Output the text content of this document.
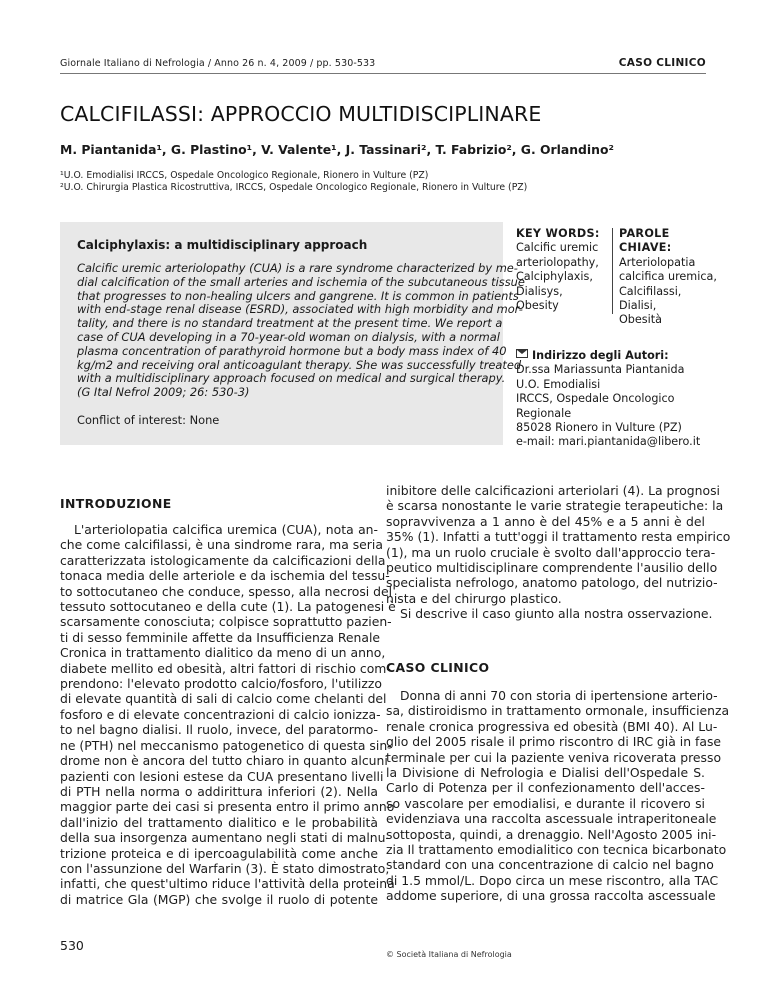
Giornale Italiano di Nefrologia / Anno 26 n. 4, 2009 / pp. 530-533	CASO CLINICO
CALCIFILASSI: APPROCCIO MULTIDISCIPLINARE
M. Piantanida¹, G. Plastino¹, V. Valente¹, J. Tassinari², T. Fabrizio², G. Orlandino²
¹U.O. Emodialisi IRCCS, Ospedale Oncologico Regionale, Rionero in Vulture (PZ)
²U.O. Chirurgia Plastica Ricostruttiva, IRCCS, Ospedale Oncologico Regionale, Rionero in Vulture (PZ)
Calciphylaxis: a multidisciplinary approach
Calcific uremic arteriolopathy (CUA) is a rare syndrome characterized by me-
dial calcification of the small arteries and ischemia of the subcutaneous tissue
that progresses to non-healing ulcers and gangrene. It is common in patients
with end-stage renal disease (ESRD), associated with high morbidity and mor-
tality, and there is no standard treatment at the present time. We report a
case of CUA developing in a 70-year-old woman on dialysis, with a normal
plasma concentration of parathyroid hormone but a body mass index of 40
kg/m2 and receiving oral anticoagulant therapy. She was successfully treated
with a multidisciplinary approach focused on medical and surgical therapy.
(G Ital Nefrol 2009; 26: 530-3)
Conflict of interest: None
KEY WORDS:
Calcific uremic
arteriolopathy,
Calciphylaxis,
Dialisys,
Obesity
PAROLE CHIAVE:
Arteriolopatia
calcifica uremica,
Calcifilassi,
Dialisi,
Obesità
Indirizzo degli Autori:
Dr.ssa Mariassunta Piantanida
U.O. Emodialisi
IRCCS, Ospedale Oncologico
Regionale
85028 Rionero in Vulture (PZ)
e-mail: mari.piantanida@libero.it
INTRODUZIONE
L'arteriolopatia calcifica uremica (CUA), nota an-
che come calcifilassi, è una sindrome rara, ma seria
caratterizzata istologicamente da calcificazioni della
tonaca media delle arteriole e da ischemia del tessu-
to sottocutaneo che conduce, spesso, alla necrosi del
tessuto sottocutaneo e della cute (1). La patogenesi è
scarsamente conosciuta; colpisce soprattutto pazien-
ti di sesso femminile affette da Insufficienza Renale
Cronica in trattamento dialitico da meno di un anno,
diabete mellito ed obesità, altri fattori di rischio com-
prendono: l'elevato prodotto calcio/fosforo, l'utilizzo
di elevate quantità di sali di calcio come chelanti del
fosforo e di elevate concentrazioni di calcio ionizza-
to nel bagno dialisi. Il ruolo, invece, del paratormo-
ne (PTH) nel meccanismo patogenetico di questa sin-
drome non è ancora del tutto chiaro in quanto alcuni
pazienti con lesioni estese da CUA presentano livelli
di PTH nella norma o addirittura inferiori (2). Nella
maggior parte dei casi si presenta entro il primo anno
dall'inizio del trattamento dialitico e le probabilità
della sua insorgenza aumentano negli stati di malnu-
trizione proteica e di ipercoagulabilità come anche
con l'assunzione del Warfarin (3). È stato dimostrato,
infatti, che quest'ultimo riduce l'attività della proteina
di matrice Gla (MGP) che svolge il ruolo di potente
inibitore delle calcificazioni arteriolari (4). La prognosi
è scarsa nonostante le varie strategie terapeutiche: la
sopravvivenza a 1 anno è del 45% e a 5 anni è del
35% (1). Infatti a tutt'oggi il trattamento resta empirico
(1), ma un ruolo cruciale è svolto dall'approccio tera-
peutico multidisciplinare comprendente l'ausilio dello
specialista nefrologo, anatomo patologo, del nutrizio-
nista e del chirurgo plastico.
Si descrive il caso giunto alla nostra osservazione.
CASO CLINICO
Donna di anni 70 con storia di ipertensione arterio-
sa, distiroidismo in trattamento ormonale, insufficienza
renale cronica progressiva ed obesità (BMI 40). Al Lu-
glio del 2005 risale il primo riscontro di IRC già in fase
terminale per cui la paziente veniva ricoverata presso
la Divisione di Nefrologia e Dialisi dell'Ospedale S.
Carlo di Potenza per il confezionamento dell'acces-
so vascolare per emodialisi, e durante il ricovero si
evidenziava una raccolta ascessuale intraperitoneale
sottoposta, quindi, a drenaggio. Nell'Agosto 2005 ini-
zia Il trattamento emodialitico con tecnica bicarbonato
standard con una concentrazione di calcio nel bagno
di 1.5 mmol/L. Dopo circa un mese riscontro, alla TAC
addome superiore, di una grossa raccolta ascessuale
530
© Società Italiana di Nefrologia
